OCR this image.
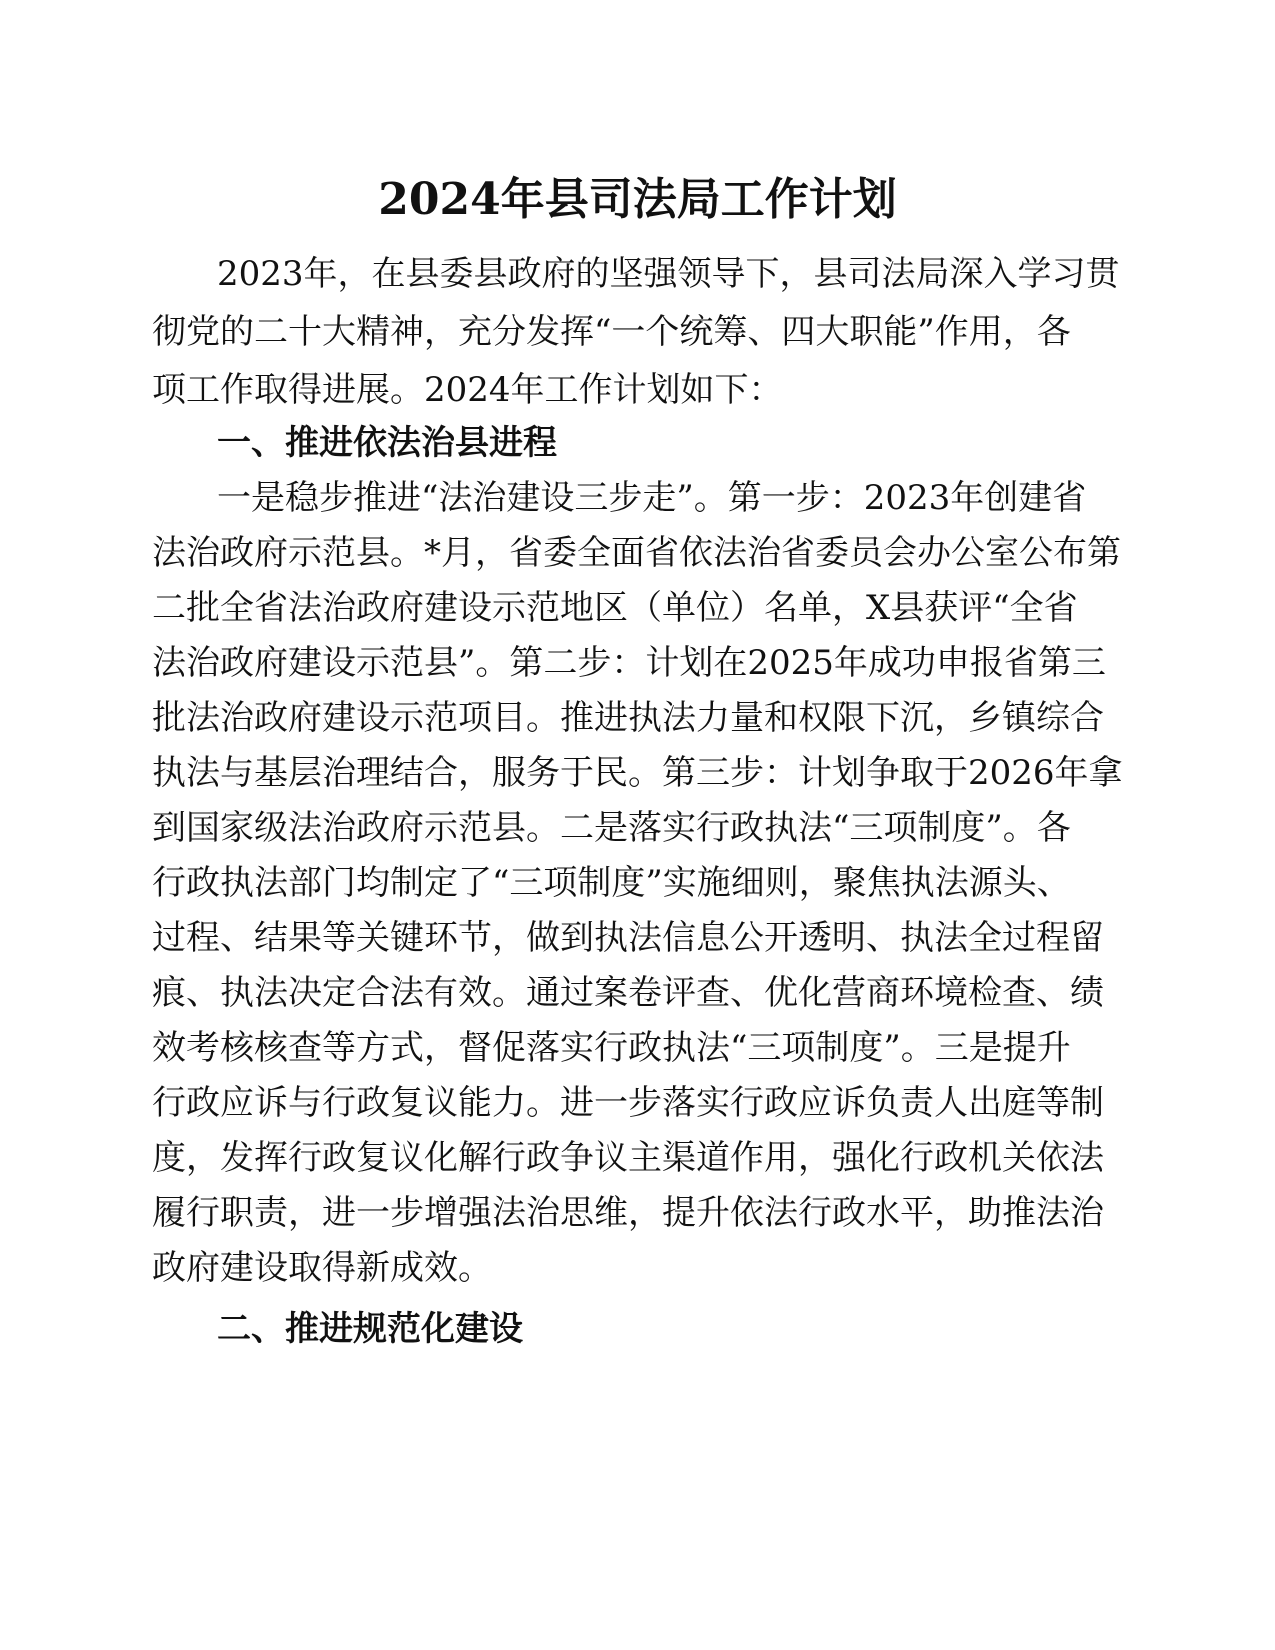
2024年县司法局工作计划

2023年，在县委县政府的坚强领导下，县司法局深入学习贯

彻党的二十大精神，充分发挥“一个统筹、四大职能”作用，各

项工作取得进展。2024年工作计划如下：

一、推进依法治县进程

一是稳步推进“法治建设三步走”。第一步：2023年创建省

法治政府示范县。*月，省委全面省依法治省委员会办公室公布第

二批全省法治政府建设示范地区（单位）名单，X县获评“全省

法治政府建设示范县”。第二步：计划在2025年成功申报省第三

批法治政府建设示范项目。推进执法力量和权限下沉，乡镇综合

执法与基层治理结合，服务于民。第三步：计划争取于2026年拿

到国家级法治政府示范县。二是落实行政执法“三项制度”。各

行政执法部门均制定了“三项制度”实施细则，聚焦执法源头、

过程、结果等关键环节，做到执法信息公开透明、执法全过程留

痕、执法决定合法有效。通过案卷评查、优化营商环境检查、绩

效考核核查等方式，督促落实行政执法“三项制度”。三是提升

行政应诉与行政复议能力。进一步落实行政应诉负责人出庭等制

度，发挥行政复议化解行政争议主渠道作用，强化行政机关依法

履行职责，进一步增强法治思维，提升依法行政水平，助推法治

政府建设取得新成效。

二、推进规范化建设
